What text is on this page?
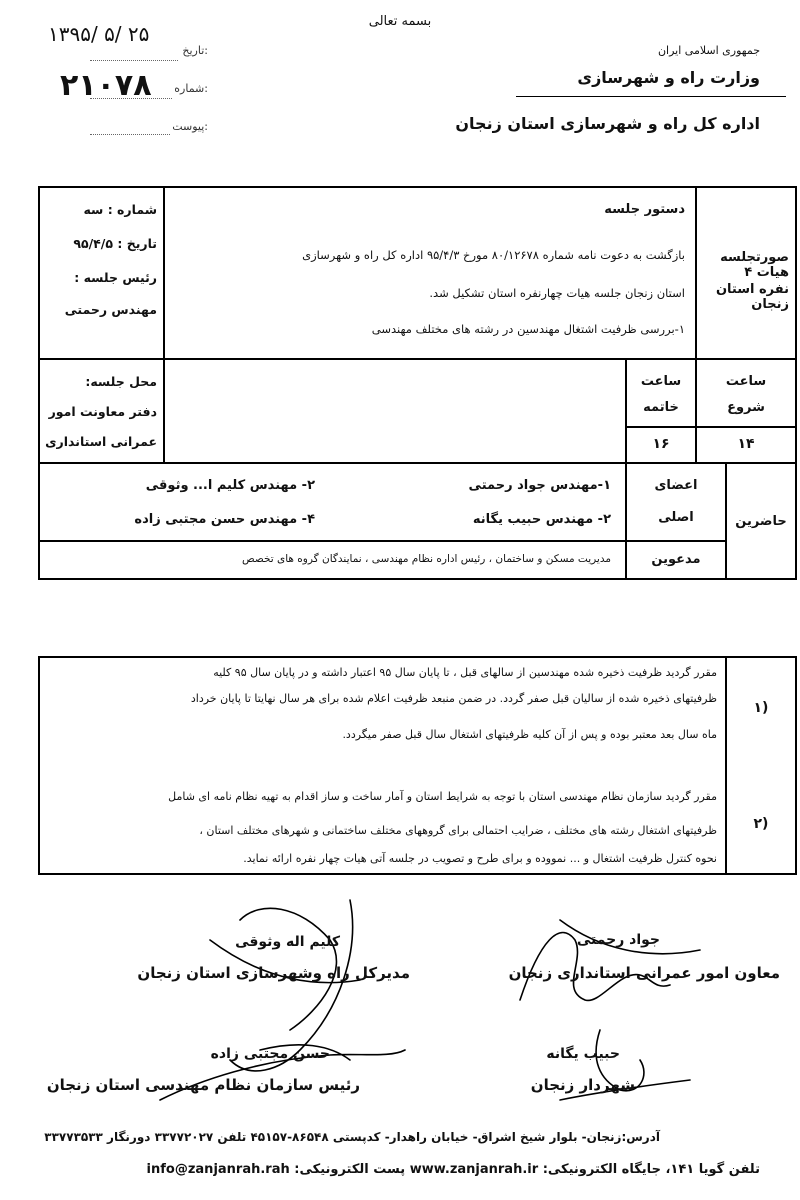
بسمه تعالی
۱۳۹۵/ ۵/ ۲۵
تاریخ:
۲۱۰۷۸	شماره:
پیوست:
جمهوری اسلامی ایران
وزارت راه و شهرسازی
اداره کل راه و شهرسازی استان زنجان
صورتجلسه هیات ۴
نفره استان زنجان
دستور جلسه
بازگشت به دعوت نامه شماره ۸۰/۱۲۶۷۸ مورخ ۹۵/۴/۳ اداره کل راه و شهرسازی
استان زنجان جلسه هیات چهارنفره استان تشکیل شد.
۱-بررسی ظرفیت اشتغال مهندسین در رشته های مختلف مهندسی
شماره : سه
تاریخ : ۹۵/۴/۵
رئیس جلسه :
مهندس رحمتی
ساعت
شروع
۱۴
ساعت
خاتمه
۱۶
محل جلسه:
دفتر معاونت امور
عمرانی استانداری
حاضرین
اعضای
اصلی
۱-مهندس جواد رحمتی
۲- مهندس کلیم ا... وثوقی
۲- مهندس حبیب یگانه
۴- مهندس حسن مجتبی زاده
مدعوین
مدیریت مسکن و ساختمان ، رئیس اداره نظام مهندسی ، نمایندگان گروه های تخصص
۱)
۲)
مقرر گردید ظرفیت ذخیره شده مهندسین از سالهای قبل ، تا پایان سال ۹۵ اعتبار داشته و در پایان سال ۹۵ کلیه
ظرفیتهای ذخیره شده از سالیان قبل صفر گردد. در ضمن منبعد ظرفیت اعلام شده برای هر سال نهایتا تا پایان خرداد
ماه سال بعد معتبر بوده و پس از آن کلیه ظرفیتهای اشتغال سال قبل صفر میگردد.
مقرر گردید سازمان نظام مهندسی استان با توجه به شرایط استان و آمار ساخت و ساز اقدام به تهیه نظام نامه ای شامل
ظرفیتهای اشتغال رشته های مختلف ، ضرایب احتمالی برای گروههای مختلف ساختمانی و شهرهای مختلف استان ،
نحوه کنترل ظرفیت اشتغال و ... نمووده و برای طرح و تصویب در جلسه آتی هیات چهار نفره ارائه نماید.
جواد رحمتی
معاون امور عمرانی استانداری زنجان
کلیم اله وثوقی
مدیرکل راه وشهرسازی استان زنجان
حبیب یگانه
شهردار زنجان
حسن مجتبی زاده
رئیس سازمان نظام مهندسی استان زنجان
آدرس:زنجان- بلوار شیخ اشراق- خیابان راهدار- کدپستی ۸۶۵۴۸-۴۵۱۵۷ تلفن ۳۳۷۷۲۰۲۷ دورنگار ۳۳۷۷۳۵۳۳
تلفن گویا ۱۴۱، جایگاه الکترونیکی: www.zanjanrah.ir پست الکترونیکی: info@zanjanrah.rah
